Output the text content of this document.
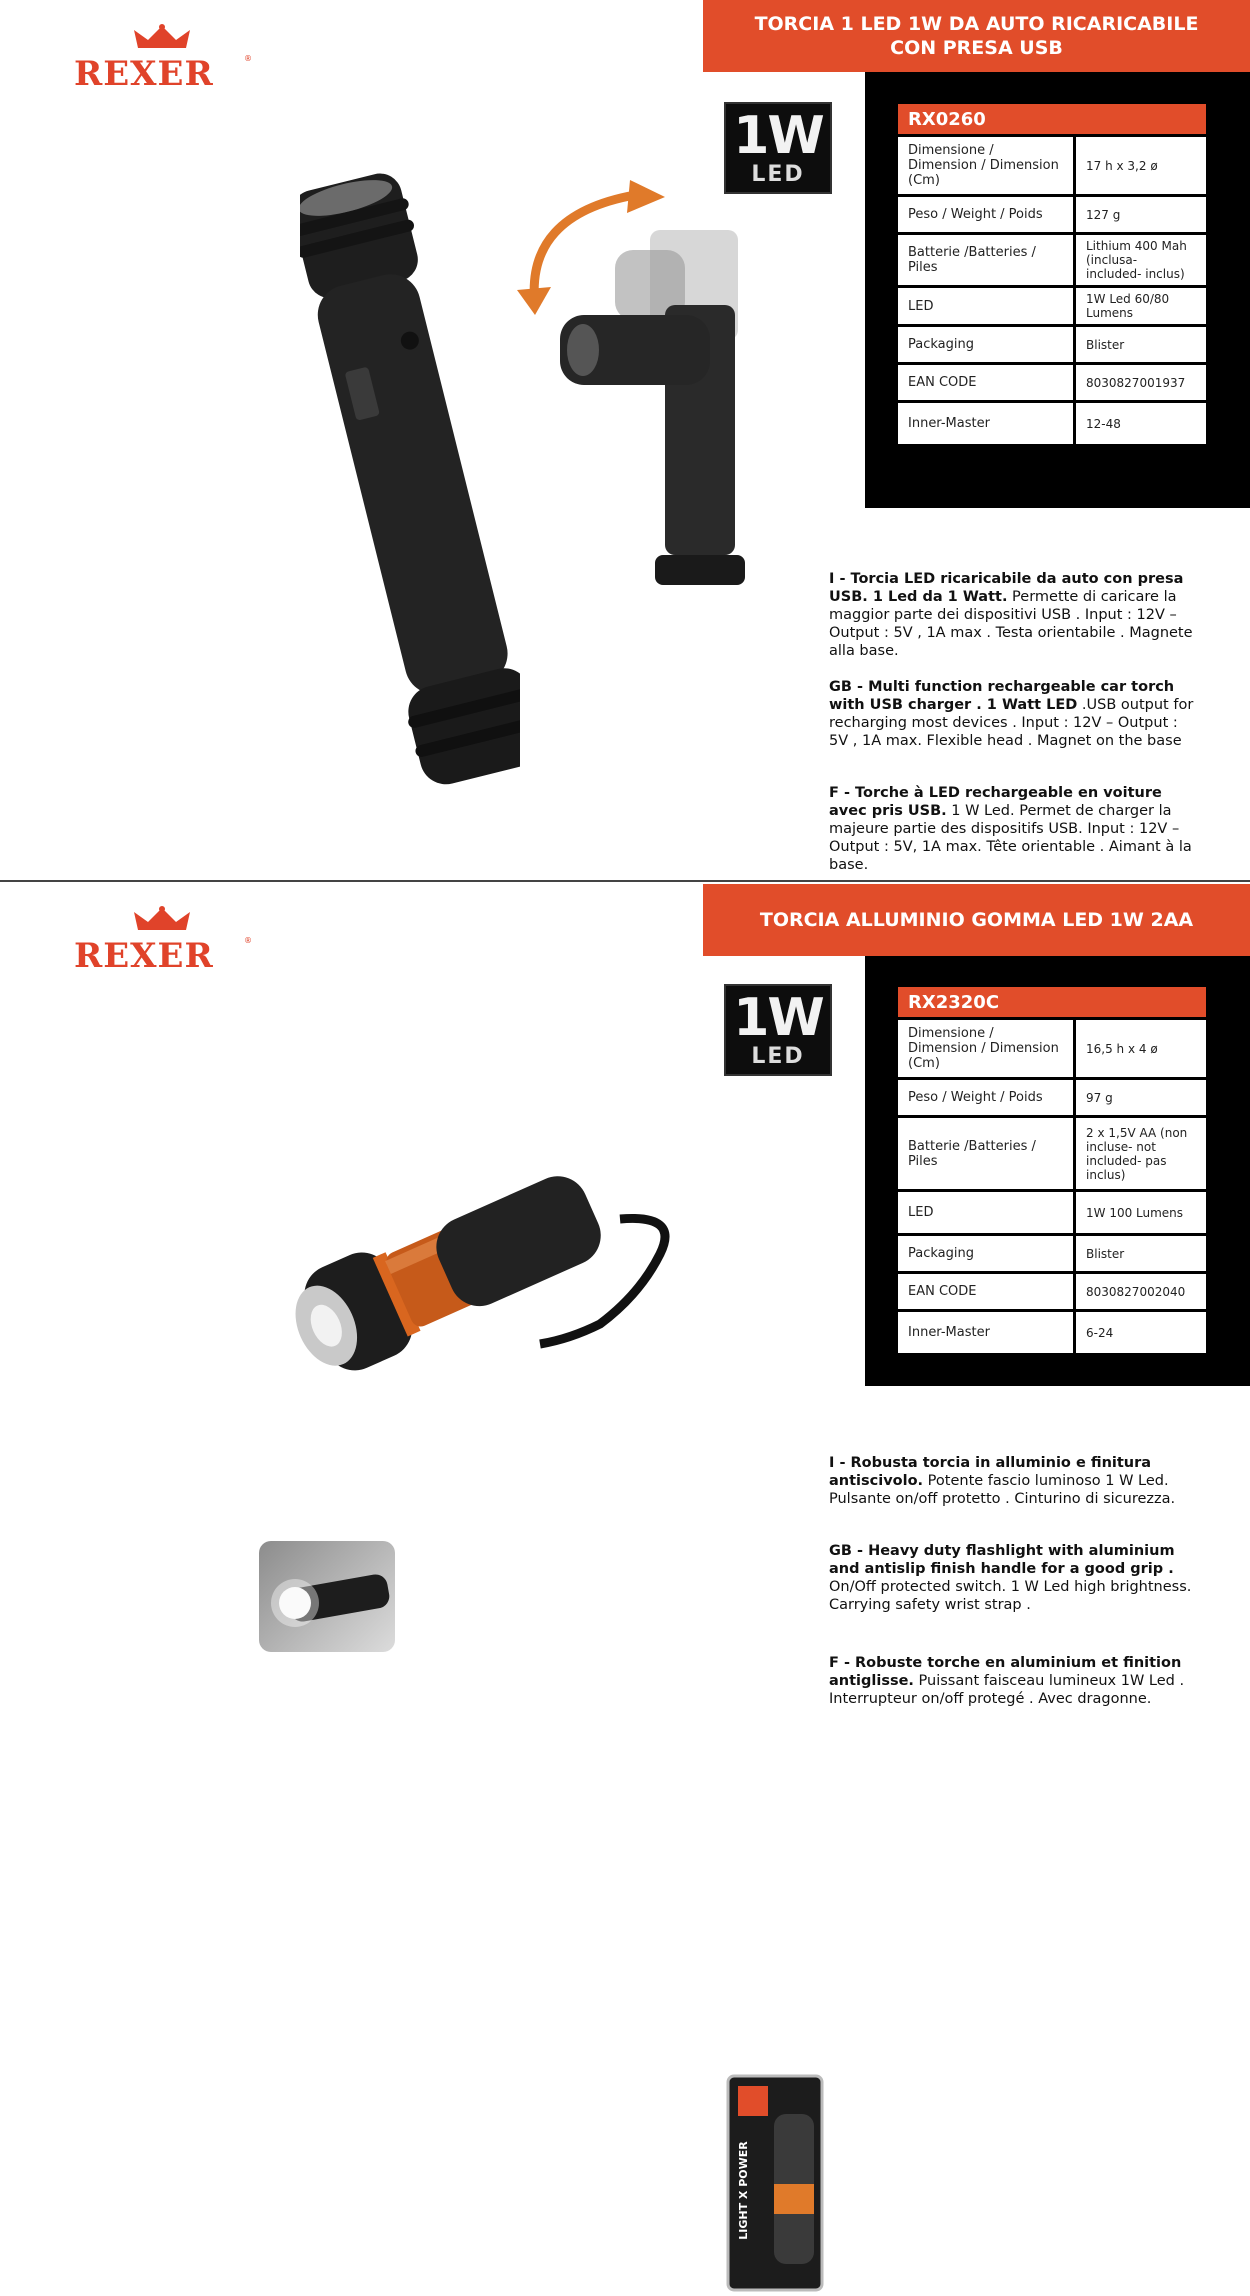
REXER	®
TORCIA 1 LED 1W DA AUTO RICARICABILE
CON PRESA USB
1W
LED
RX0260	
Dimensione / Dimension / Dimension (Cm)	17 h x 3,2 ø
Peso / Weight / Poids	127 g
Batterie /Batteries / Piles	Lithium 400 Mah (inclusa- included- inclus)
LED	1W Led 60/80 Lumens
Packaging	Blister
EAN CODE	8030827001937
Inner-Master	12-48

I - Torcia LED ricaricabile da auto con presa USB. 1 Led da 1 Watt. Permette di caricare la maggior parte dei dispositivi USB . Input : 12V – Output : 5V , 1A max . Testa orientabile . Magnete alla base.

GB - Multi function rechargeable car torch with USB charger . 1 Watt LED .USB output for recharging most devices . Input : 12V – Output : 5V , 1A max. Flexible head . Magnet on the base

F - Torche à LED rechargeable en voiture avec pris USB. 1 W Led. Permet de charger la majeure partie des dispositifs USB. Input : 12V – Output : 5V, 1A max. Tête orientable . Aimant à la base.

REXER	®
TORCIA ALLUMINIO GOMMA LED 1W 2AA
1W
LED
RX2320C	
Dimensione / Dimension / Dimension (Cm)	16,5 h x 4 ø
Peso / Weight / Poids	97 g
Batterie /Batteries / Piles	2 x 1,5V AA (non incluse- not included- pas inclus)
LED	1W 100 Lumens
Packaging	Blister
EAN CODE	8030827002040
Inner-Master	6-24
LIGHT X POWER

I - Robusta torcia in alluminio e finitura antiscivolo. Potente fascio luminoso 1 W Led. Pulsante on/off protetto . Cinturino di sicurezza.

GB - Heavy duty flashlight with aluminium and antislip finish handle for a good grip . On/Off protected switch. 1 W Led high brightness. Carrying safety wrist strap .

F - Robuste torche en aluminium et finition antiglisse. Puissant faisceau lumineux 1W Led . Interrupteur on/off protegé . Avec dragonne.
